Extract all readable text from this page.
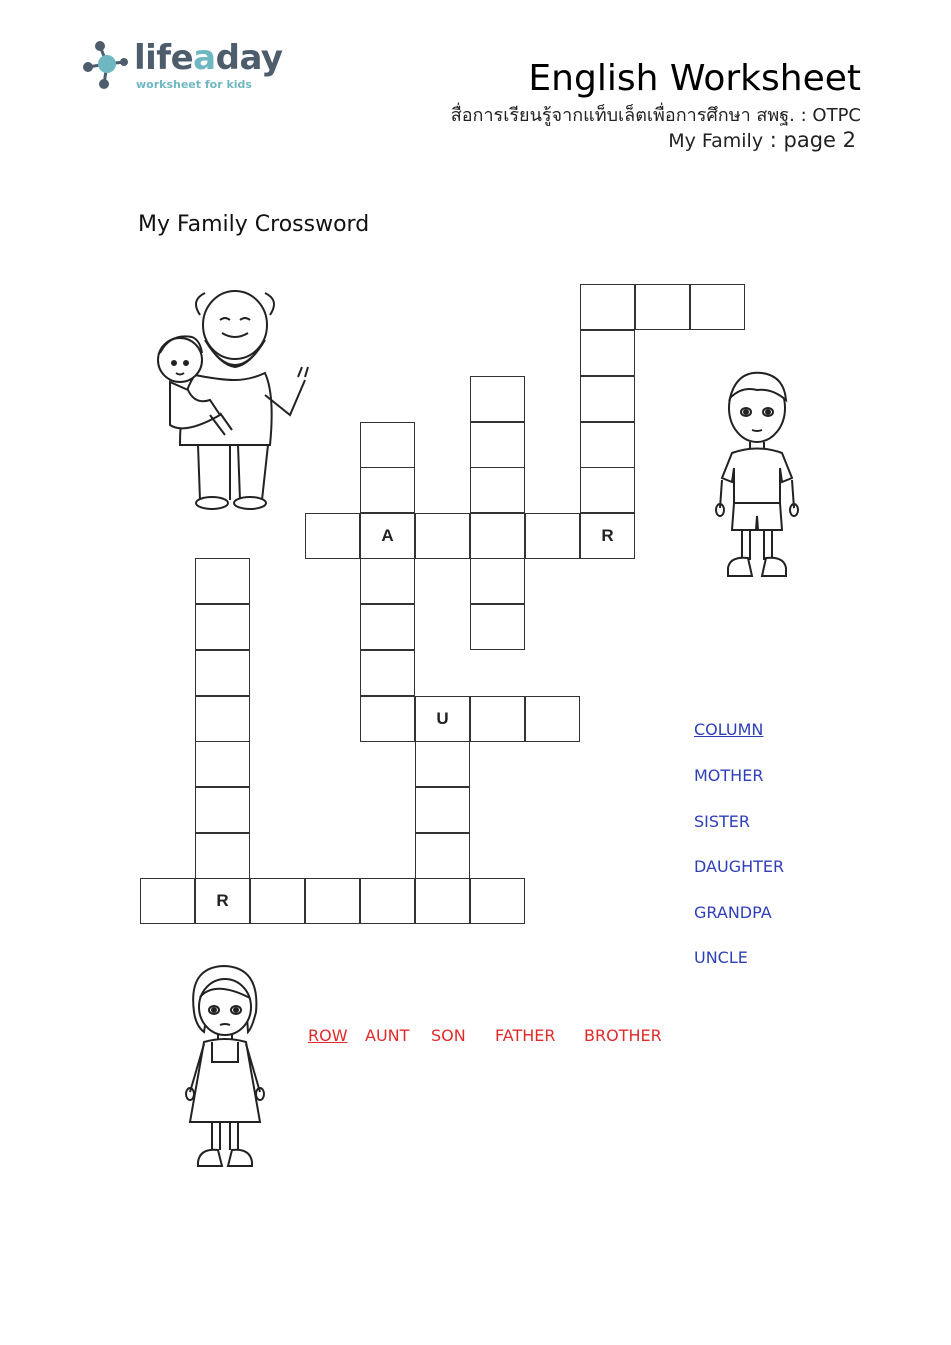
lifeaday
worksheet for kids	English Worksheet
สื่อการเรียนรู้จากแท็บเล็ตเพื่อการศึกษา สพฐ. : OTPC
My Family : page 2
My Family Crossword
A	R
U
R
COLUMN
MOTHER
SISTER
DAUGHTER
GRANDPA
UNCLE
ROW AUNT SON FATHER BROTHER
